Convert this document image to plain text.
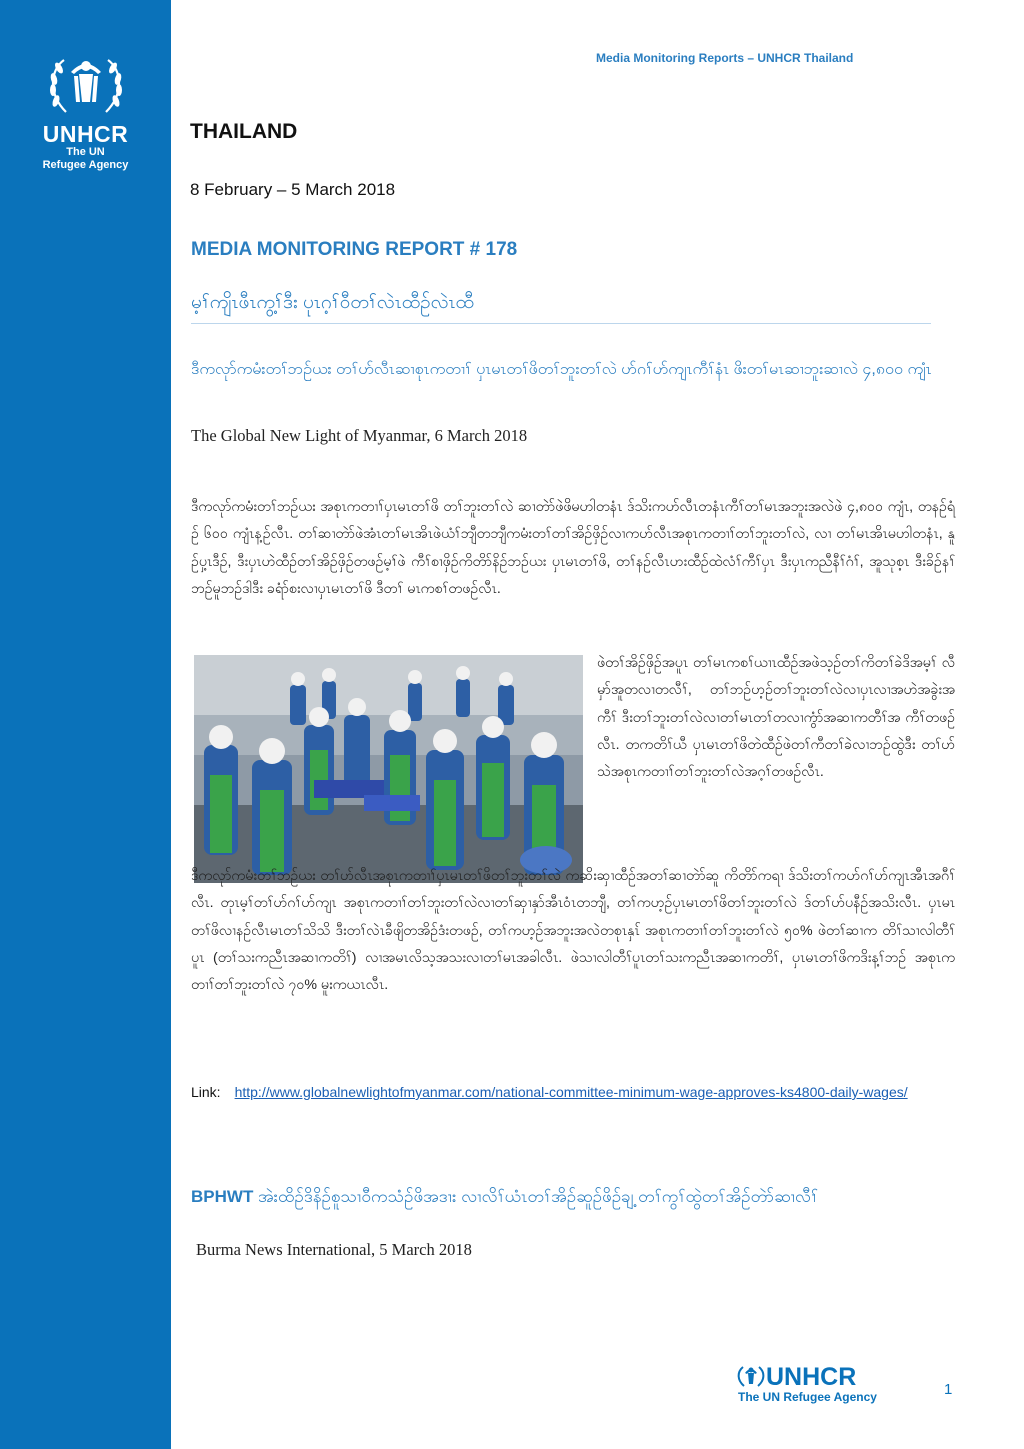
UNHCR
The UN
Refugee Agency
Media Monitoring Reports – UNHCR Thailand
THAILAND
8 February – 5 March 2018
MEDIA MONITORING REPORT # 178
မ့ၢ်ကျိၤဖီၤကွ့ၢ်ဒီး ပုၤဂ့ၢ်ဝီတၢ်လဲၤထီဉ်လဲၤထီ
ဒီကလုာ်ကမံးတၢ်ဘဉ်ယး တၢ်ဟ်လီၤဆၢစုၤကတၢၢ် ပှၤမၤတၢ်ဖိတၢ်ဘူးတၢ်လဲ ဟ်ဂၢ်ဟ်ကျၤကီၢ်နံၤ ဖိးတၢ်မၤဆၢဘူးဆၢလဲ ၄,၈၀၀ ကျံၤ
The Global New Light of Myanmar, 6 March 2018
ဒီကလုာ်ကမံးတၢ်ဘဉ်ယး အစုၤကတၢၢ်ပှၤမၤတၢ်ဖိ တၢ်ဘူးတၢ်လဲ ဆၢတဲာ်ဖဲဖိမဟါတနံၤ ဒ်သိးကဟ်လီၤတနံၤကီၢ်တၢ်မၤအဘူးအလဲဖဲ ၄,၈၀၀ ကျံၤ, တနဉ်ရံဉ် ၆၀၀ ကျံၤန့ဉ်လီၤ. တၢ်ဆၢတဲာ်ဖဲအံၤတၢ်မၤအိၤဖဲယံၢ်ဘျီတဘျီကမံးတၢ်တၢ်အိဉ်ဖှိဉ်လၢကဟ်လီၤအစုၤကတၢၢ်တၢ်ဘူးတၢ်လဲ, လၢ တၢ်မၤအိၤမဟါတနံၤ, နူဉ်ပှ့ၤဒီဉ်, ဒီးပှၤဟဲထီဉ်တၢ်အိဉ်ဖှိဉ်တဖဉ်မ့ၢ်ဖဲ ကီၢ်စၢဖှိဉ်ကိတိာ်နိဉ်ဘဉ်ယး ပှၤမၤတၢ်ဖိ, တၢ်နဉ်လီၤဟးထီဉ်ထဲလံၢ်ကီၢ်ပှၤ ဒီးပှၤကညီနီၢ်ဂံၢ်, အူသုစ့ၤ ဒီးခိဉ်နၢ်ဘဉ်မူဘဉ်ဒါဒီး ခရံာ်စးလၢပှၤမၤတၢ်ဖိ ဒီတၢ် မၤကစၢ်တဖဉ်လီၤ.
ဖဲတၢ်အိဉ်ဖှိဉ်အပူၤ တၢ်မၤကစၢ်ယၢၤထီဉ်အဖဲသ့ဉ်တၢ်ကိတၢ်ခဲဒိအမ့ၢ် လီမှာ်အူတလၢတလီၢ်, တၢ်ဘဉ်ဟ့ဉ်တၢ်ဘူးတၢ်လဲလၢပှၤလၢအဟဲအခွဲးအကီၢ် ဒီးတၢ်ဘူးတၢ်လဲလၢတၢ်မၤတၢ်တလၢကွံာ်အဆၢကတီၢ်အ ကီၢ်တဖဉ်လီၤ. တကတိၢ်ယီ ပှၤမၤတၢ်ဖိတဲထီဉ်ဖဲတၢ်ကီတၢ်ခဲလၢဘဉ်ထွဲဒီး တၢ်ဟ်သဲအစုၤကတၢၢ်တၢ်ဘူးတၢ်လဲအဂ့ၢ်တဖဉ်လီၤ.
ဒီကလုာ်ကမံးတၢ်ဘဉ်ယး တၢ်ဟ်လီၤအစုၤကတၢၢ်ပှၤမၤတၢ်ဖိတၢ်ဘူးတၢ်လဲ ကဆိးဆှၢထီဉ်အတၢ်ဆၢတဲာ်ဆူ ကိတိာ်ကရၢ ဒ်သိးတၢ်ကဟ်ဂၢ်ဟ်ကျၤအီၤအဂီၢ်လီၤ. တုၤမ့ၢ်တၢ်ဟ်ဂၢ်ဟ်ကျၤ အစုၤကတၢၢ်တၢ်ဘူးတၢ်လဲလၢတၢ်ဆှၢနှာ်အီၤဝံၤတဘျီ, တၢ်ကဟ့ဉ်ပှၤမၤတၢ်ဖိတၢ်ဘူးတၢ်လဲ ဒ်တၢ်ဟ်ပနီဉ်အသိးလီၤ. ပှၤမၤတၢ်ဖိလၢနဉ်လီၤမၤတၢ်သိသိ ဒီးတၢ်လဲၤခီဖျိတအိဉ်ဒံးတဖဉ်, တၢ်ကဟ့ဉ်အဘူးအလဲတစုၤနှၤ် အစုၤကတၢၢ်တၢ်ဘူးတၢ်လဲ ၅၀% ဖဲတၢ်ဆၢက တိၢ်သၢလါတီၢ်ပူၤ (တၢ်သးကညီၤအဆၢကတိၢ်) လၢအမၤလိသ့အသးလၢတၢ်မၤအခါလီၤ. ဖဲသၢလါတီၢ်ပူၤတၢ်သးကညီၤအဆၢကတိၢ်, ပှၤမၤတၢ်ဖိကဒိးန့ၢ်ဘဉ် အစုၤကတၢၢ်တၢ်ဘူးတၢ်လဲ ၇၀% မူးကယၤလီၤ.
Link: http://www.globalnewlightofmyanmar.com/national-committee-minimum-wage-approves-ks4800-daily-wages/
BPHWT အဲးထိဉ်ဒိနိဉ်စူသၢဝီကသံဉ်ဖိအဒၢး လၢလိၢ်ယံၤတၢ်အိဉ်ဆူဉ်ဖိဉ်ချ့ တၢ်ကွၢ်ထွဲတၢ်အိဉ်တဲာ်ဆၢလီၢ်
Burma News International, 5 March 2018
UNHCR
The UN Refugee Agency	1
